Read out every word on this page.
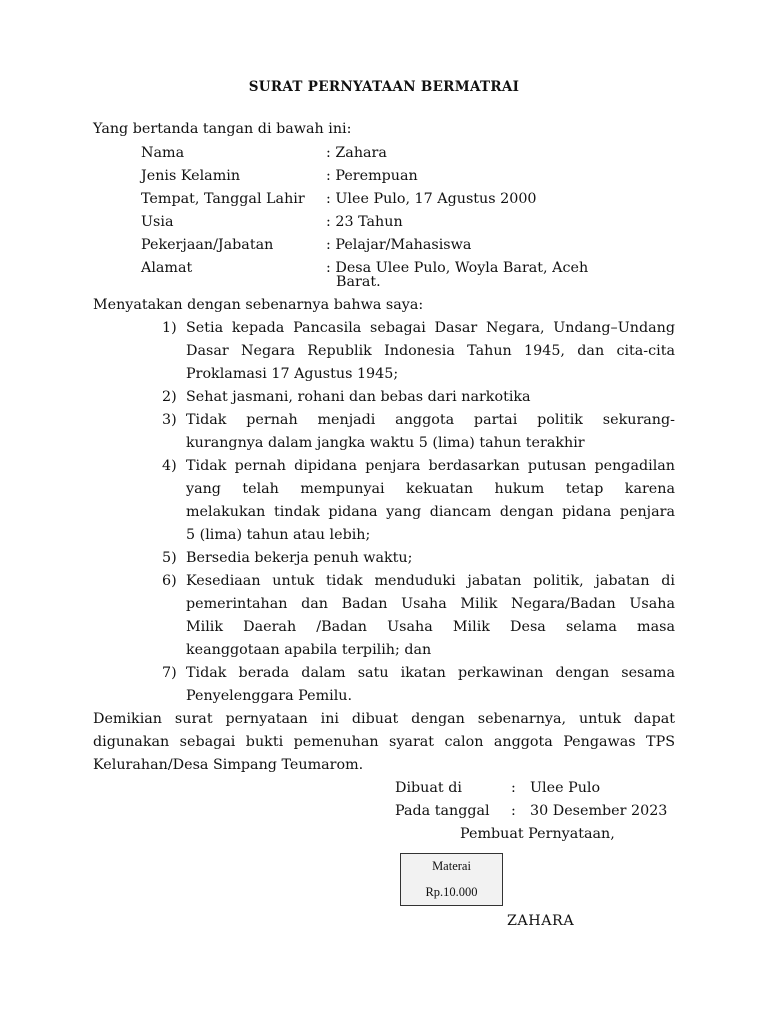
SURAT PERNYATAAN BERMATRAI
Yang bertanda tangan di bawah ini:
Nama	: Zahara
Jenis Kelamin	: Perempuan
Tempat, Tanggal Lahir : Ulee Pulo, 17 Agustus 2000
Usia	: 23 Tahun
Pekerjaan/Jabatan	: Pelajar/Mahasiswa
Alamat	: Desa Ulee Pulo, Woyla Barat, Aceh
Barat.
Menyatakan dengan sebenarnya bahwa saya:
1) Setia kepada Pancasila sebagai Dasar Negara, Undang–Undang
Dasar Negara Republik Indonesia Tahun 1945, dan cita-cita
Proklamasi 17 Agustus 1945;
2) Sehat jasmani, rohani dan bebas dari narkotika
3) Tidak pernah menjadi anggota partai politik sekurang-
kurangnya dalam jangka waktu 5 (lima) tahun terakhir
4) Tidak pernah dipidana penjara berdasarkan putusan pengadilan
yang telah mempunyai kekuatan hukum tetap karena
melakukan tindak pidana yang diancam dengan pidana penjara
5 (lima) tahun atau lebih;
5) Bersedia bekerja penuh waktu;
6) Kesediaan untuk tidak menduduki jabatan politik, jabatan di
pemerintahan dan Badan Usaha Milik Negara/Badan Usaha
Milik Daerah /Badan Usaha Milik Desa selama masa
keanggotaan apabila terpilih; dan
7) Tidak berada dalam satu ikatan perkawinan dengan sesama
Penyelenggara Pemilu.
Demikian surat pernyataan ini dibuat dengan sebenarnya, untuk dapat
digunakan sebagai bukti pemenuhan syarat calon anggota Pengawas TPS
Kelurahan/Desa Simpang Teumarom.
Dibuat di	: Ulee Pulo
Pada tanggal : 30 Desember 2023
Pembuat Pernyataan,
Materai
Rp.10.000
ZAHARA
